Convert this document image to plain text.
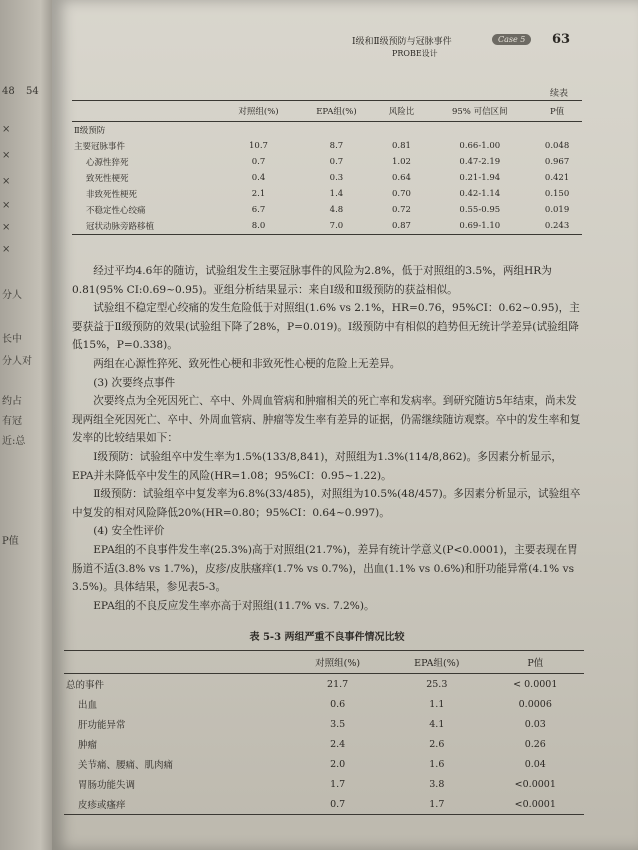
48 54
×
×
×
×
×
×
分人
长中
分人对
约占
有冠
近:总
P值
Ⅰ级和Ⅱ级预防与冠脉事件
PROBE设计
Case 5	63
续表
	对照组(%)	EPA组(%)	风险比	95% 可信区间	P值
Ⅱ级预防					
主要冠脉事件	10.7	8.7	0.81	0.66-1.00	0.048
心源性猝死	0.7	0.7	1.02	0.47-2.19	0.967
致死性梗死	0.4	0.3	0.64	0.21-1.94	0.421
非致死性梗死	2.1	1.4	0.70	0.42-1.14	0.150
不稳定性心绞痛	6.7	4.8	0.72	0.55-0.95	0.019
冠状动脉旁路移植	8.0	7.0	0.87	0.69-1.10	0.243

经过平均4.6年的随访，试验组发生主要冠脉事件的风险为2.8%，低于对照组的3.5%，两组HR为0.81(95% CI:0.69~0.95)。亚组分析结果显示：来自Ⅰ级和Ⅱ级预防的获益相似。

试验组不稳定型心绞痛的发生危险低于对照组(1.6% vs 2.1%，HR=0.76，95%CI：0.62~0.95)，主要获益于Ⅱ级预防的效果(试验组下降了28%，P=0.019)。Ⅰ级预防中有相似的趋势但无统计学差异(试验组降低15%，P=0.338)。

两组在心源性猝死、致死性心梗和非致死性心梗的危险上无差异。

(3) 次要终点事件

次要终点为全死因死亡、卒中、外周血管病和肿瘤相关的死亡率和发病率。到研究随访5年结束，尚未发现两组全死因死亡、卒中、外周血管病、肿瘤等发生率有差异的证据，仍需继续随访观察。卒中的发生率和复发率的比较结果如下：

Ⅰ级预防：试验组卒中发生率为1.5%(133/8,841)，对照组为1.3%(114/8,862)。多因素分析显示，EPA并未降低卒中发生的风险(HR=1.08；95%CI：0.95~1.22)。

Ⅱ级预防：试验组卒中复发率为6.8%(33/485)，对照组为10.5%(48/457)。多因素分析显示，试验组卒中复发的相对风险降低20%(HR=0.80；95%CI：0.64~0.997)。

(4) 安全性评价

EPA组的不良事件发生率(25.3%)高于对照组(21.7%)，差异有统计学意义(P<0.0001)，主要表现在胃肠道不适(3.8% vs 1.7%)，皮疹/皮肤瘙痒(1.7% vs 0.7%)，出血(1.1% vs 0.6%)和肝功能异常(4.1% vs 3.5%)。具体结果，参见表5-3。

EPA组的不良反应发生率亦高于对照组(11.7% vs. 7.2%)。

表 5-3 两组严重不良事件情况比较
	对照组(%)	EPA组(%)	P值
总的事件	21.7	25.3	< 0.0001
出血	0.6	1.1	0.0006
肝功能异常	3.5	4.1	0.03
肿瘤	2.4	2.6	0.26
关节痛、腰痛、肌肉痛	2.0	1.6	0.04
胃肠功能失调	1.7	3.8	<0.0001
皮疹或瘙痒	0.7	1.7	<0.0001
